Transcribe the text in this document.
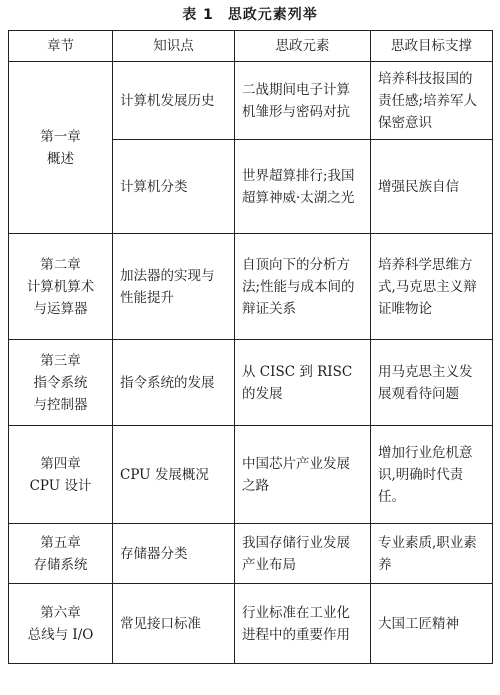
表 1 思政元素列举
章节	知识点	思政元素	思政目标支撑
第一章
概述	计算机发展历史	二战期间电子计算机雏形与密码对抗	培养科技报国的责任感;培养军人保密意识
	计算机分类	世界超算排行;我国超算神威·太湖之光	增强民族自信
第二章
计算机算术
与运算器	加法器的实现与性能提升	自顶向下的分析方法;性能与成本间的辩证关系	培养科学思维方式,马克思主义辩证唯物论
第三章
指令系统
与控制器	指令系统的发展	从 CISC 到 RISC 的发展	用马克思主义发展观看待问题
第四章
CPU 设计	CPU 发展概况	中国芯片产业发展之路	增加行业危机意识,明确时代责任。
第五章
存储系统	存储器分类	我国存储行业发展产业布局	专业素质,职业素养
第六章
总线与 I/O	常见接口标准	行业标准在工业化进程中的重要作用	大国工匠精神
